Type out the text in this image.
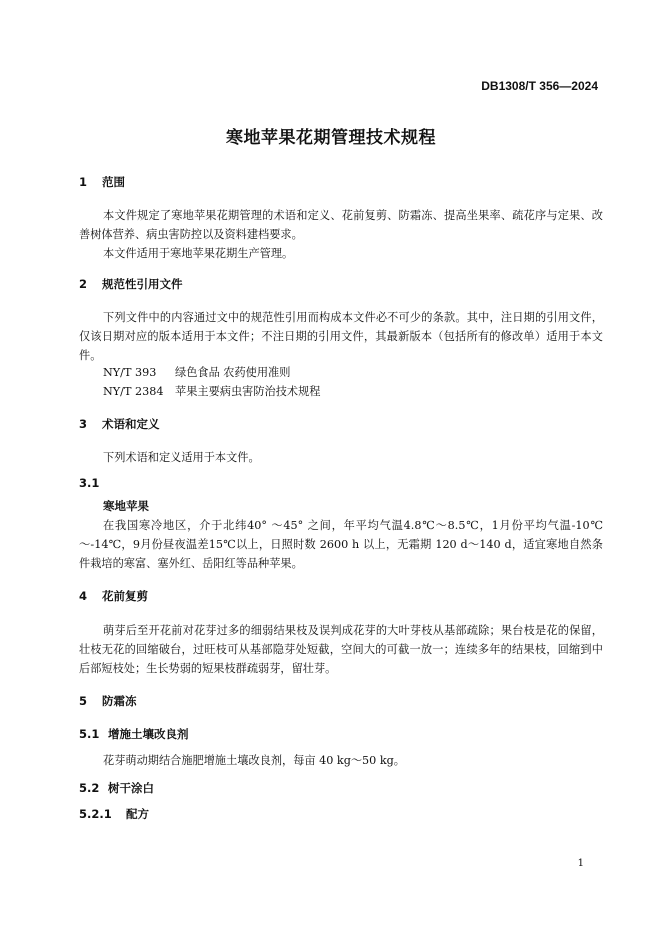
DB1308/T 356—2024
寒地苹果花期管理技术规程
1 范围
本文件规定了寒地苹果花期管理的术语和定义、花前复剪、防霜冻、提高坐果率、疏花序与定果、改善树体营养、病虫害防控以及资料建档要求。
本文件适用于寒地苹果花期生产管理。
2 规范性引用文件
下列文件中的内容通过文中的规范性引用而构成本文件必不可少的条款。其中，注日期的引用文件，仅该日期对应的版本适用于本文件；不注日期的引用文件，其最新版本（包括所有的修改单）适用于本文件。
NY/T 393 绿色食品 农药使用准则
NY/T 2384 苹果主要病虫害防治技术规程
3 术语和定义
下列术语和定义适用于本文件。
3.1
寒地苹果
在我国寒冷地区，介于北纬40° ～45° 之间，年平均气温4.8℃～8.5℃，1月份平均气温-10℃～-14℃，9月份昼夜温差15℃以上，日照时数 2600 h 以上，无霜期 120 d～140 d，适宜寒地自然条件栽培的寒富、塞外红、岳阳红等品种苹果。
4 花前复剪
萌芽后至开花前对花芽过多的细弱结果枝及误判成花芽的大叶芽枝从基部疏除；果台枝是花的保留，壮枝无花的回缩破台，过旺枝可从基部隐芽处短截，空间大的可截一放一；连续多年的结果枝，回缩到中后部短枝处；生长势弱的短果枝群疏弱芽，留壮芽。
5 防霜冻
5.1 增施土壤改良剂
花芽萌动期结合施肥增施土壤改良剂，每亩 40 kg～50 kg。
5.2 树干涂白
5.2.1 配方
1
